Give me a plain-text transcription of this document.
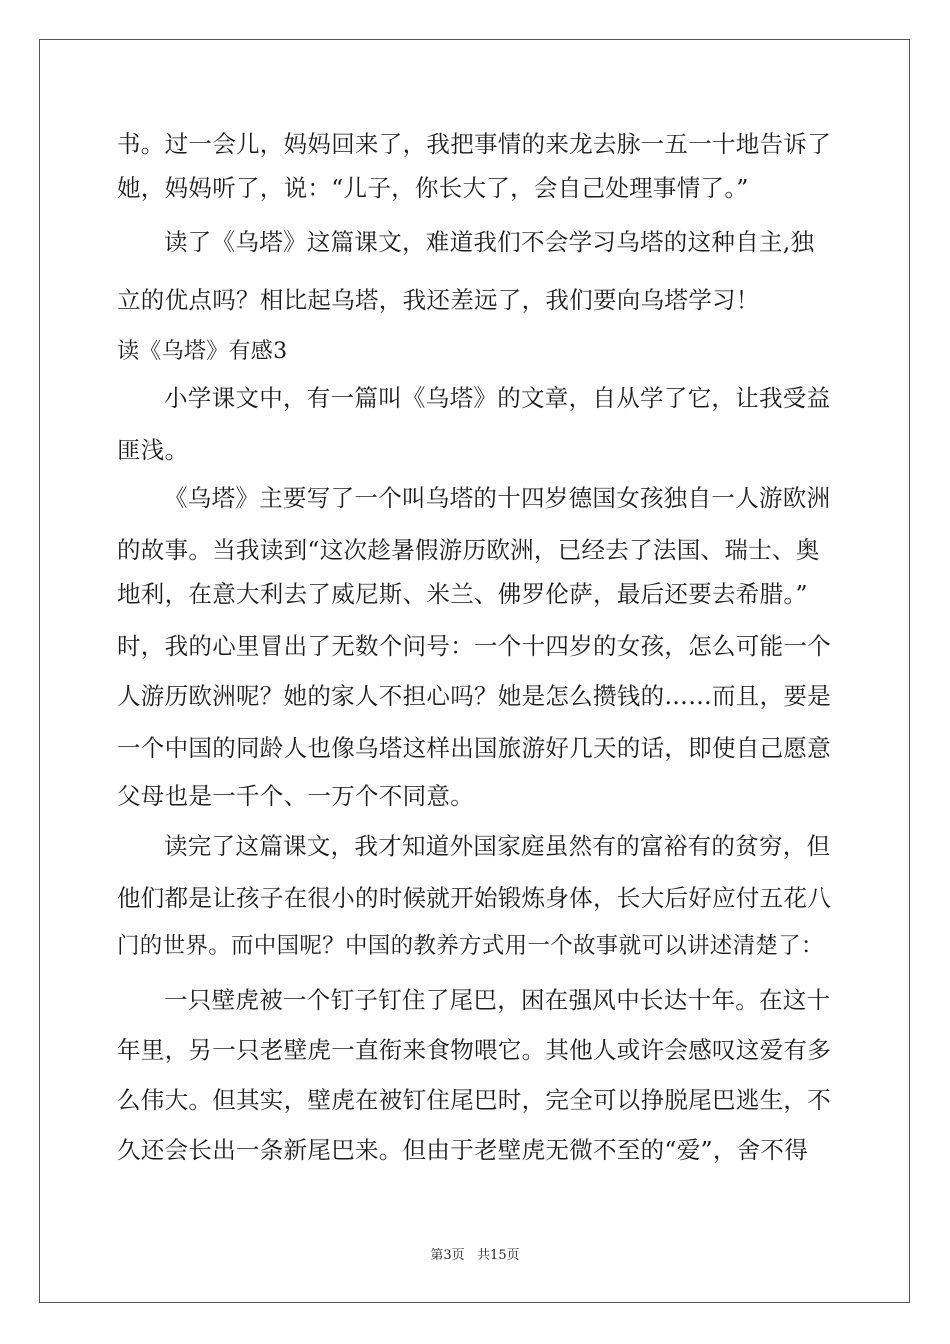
书。过一会儿，妈妈回来了，我把事情的来龙去脉一五一十地告诉了
她，妈妈听了，说：“儿子，你长大了，会自己处理事情了。”
读了《乌塔》这篇课文，难道我们不会学习乌塔的这种自主,独
立的优点吗？相比起乌塔，我还差远了，我们要向乌塔学习！
读《乌塔》有感3
小学课文中，有一篇叫《乌塔》的文章，自从学了它，让我受益
匪浅。
《乌塔》主要写了一个叫乌塔的十四岁德国女孩独自一人游欧洲
的故事。当我读到“这次趁暑假游历欧洲，已经去了法国、瑞士、奥
地利，在意大利去了威尼斯、米兰、佛罗伦萨，最后还要去希腊。”
时，我的心里冒出了无数个问号：一个十四岁的女孩，怎么可能一个
人游历欧洲呢？她的家人不担心吗？她是怎么攒钱的……而且，要是
一个中国的同龄人也像乌塔这样出国旅游好几天的话，即使自己愿意
父母也是一千个、一万个不同意。
读完了这篇课文，我才知道外国家庭虽然有的富裕有的贫穷，但
他们都是让孩子在很小的时候就开始锻炼身体，长大后好应付五花八
门的世界。而中国呢？中国的教养方式用一个故事就可以讲述清楚了：
一只壁虎被一个钉子钉住了尾巴，困在强风中长达十年。在这十
年里，另一只老壁虎一直衔来食物喂它。其他人或许会感叹这爱有多
么伟大。但其实，壁虎在被钉住尾巴时，完全可以挣脱尾巴逃生，不
久还会长出一条新尾巴来。但由于老壁虎无微不至的“爱”，舍不得
第3页   共15页
